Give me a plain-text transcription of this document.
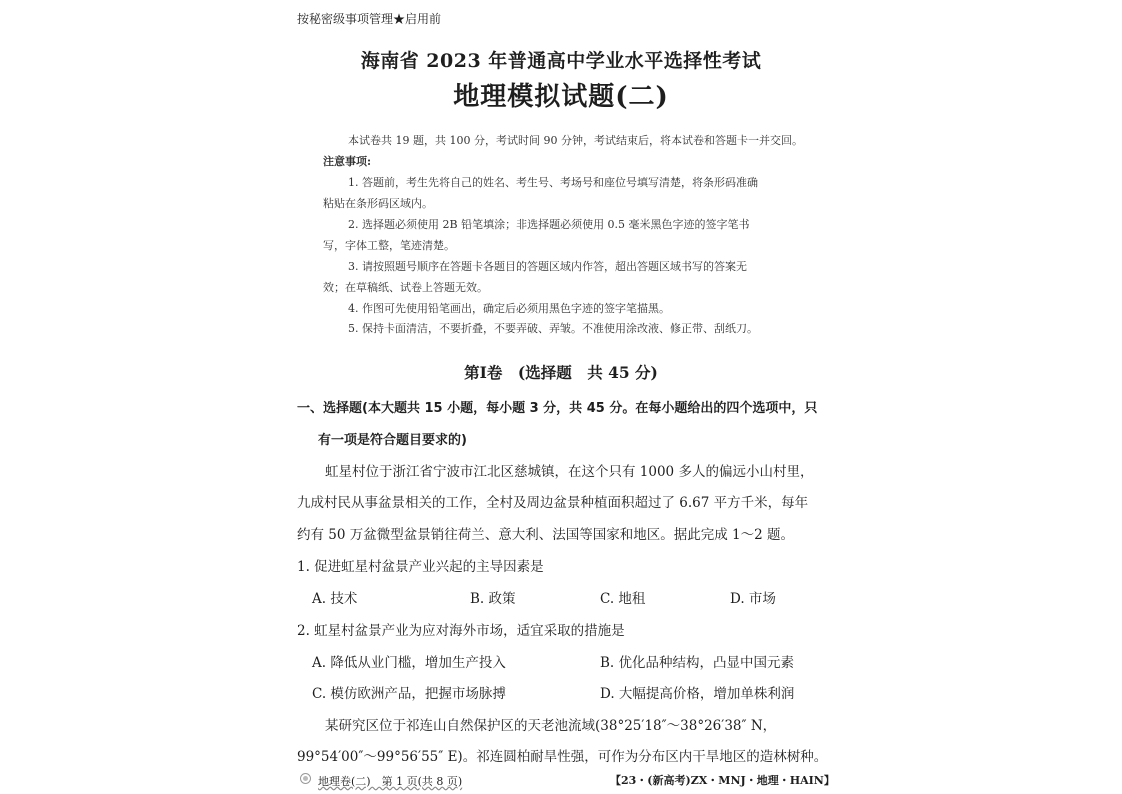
按秘密级事项管理★启用前
海南省 2023 年普通高中学业水平选择性考试
地理模拟试题(二)
本试卷共 19 题，共 100 分，考试时间 90 分钟，考试结束后，将本试卷和答题卡一并交回。
注意事项:
1. 答题前，考生先将自己的姓名、考生号、考场号和座位号填写清楚，将条形码准确
粘贴在条形码区域内。
2. 选择题必须使用 2B 铅笔填涂；非选择题必须使用 0.5 毫米黑色字迹的签字笔书
写，字体工整，笔迹清楚。
3. 请按照题号顺序在答题卡各题目的答题区域内作答，超出答题区域书写的答案无
效；在草稿纸、试卷上答题无效。
4. 作图可先使用铅笔画出，确定后必须用黑色字迹的签字笔描黑。
5. 保持卡面清洁，不要折叠，不要弄破、弄皱。不准使用涂改液、修正带、刮纸刀。
第Ⅰ卷　(选择题　共 45 分)
一、选择题(本大题共 15 小题，每小题 3 分，共 45 分。在每小题给出的四个选项中，只
有一项是符合题目要求的)
虹星村位于浙江省宁波市江北区慈城镇，在这个只有 1000 多人的偏远小山村里，
九成村民从事盆景相关的工作，全村及周边盆景种植面积超过了 6.67 平方千米，每年
约有 50 万盆微型盆景销往荷兰、意大利、法国等国家和地区。据此完成 1～2 题。
1. 促进虹星村盆景产业兴起的主导因素是
A. 技术	B. 政策	C. 地租	D. 市场
2. 虹星村盆景产业为应对海外市场，适宜采取的措施是
A. 降低从业门槛，增加生产投入	B. 优化品种结构，凸显中国元素
C. 模仿欧洲产品，把握市场脉搏	D. 大幅提高价格，增加单株利润
某研究区位于祁连山自然保护区的天老池流域(38°25′18″～38°26′38″ N，
99°54′00″～99°56′55″ E)。祁连圆柏耐旱性强，可作为分布区内干旱地区的造林树种。
地理卷(二)　第 1 页(共 8 页)	【23・(新高考)ZX・MNJ・地理・HAIN】
